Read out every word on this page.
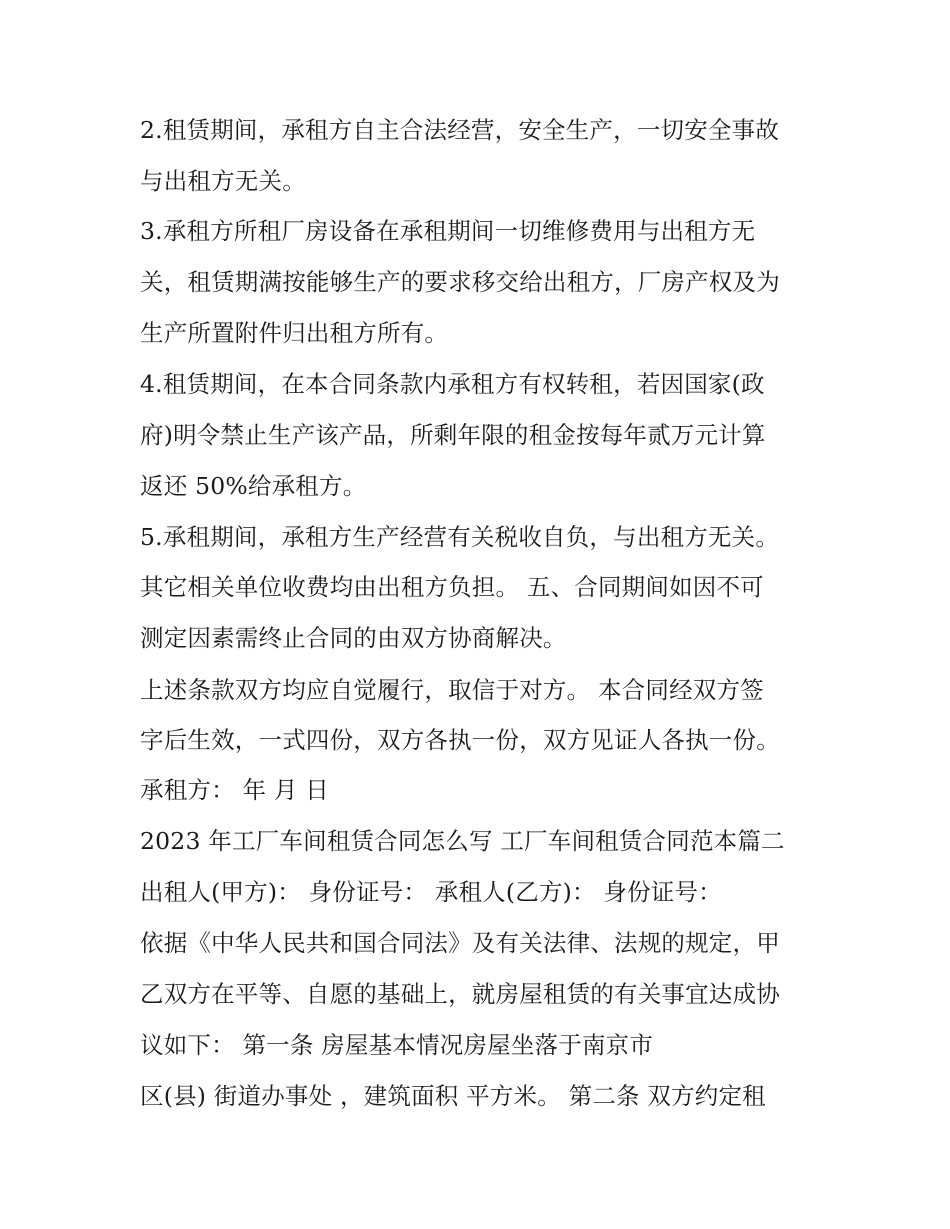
2.租赁期间，承租方自主合法经营，安全生产，一切安全事故
与出租方无关。
3.承租方所租厂房设备在承租期间一切维修费用与出租方无
关，租赁期满按能够生产的要求移交给出租方，厂房产权及为
生产所置附件归出租方所有。
4.租赁期间，在本合同条款内承租方有权转租，若因国家(政
府)明令禁止生产该产品，所剩年限的租金按每年贰万元计算
返还 50%给承租方。
5.承租期间，承租方生产经营有关税收自负，与出租方无关。
其它相关单位收费均由出租方负担。 五、合同期间如因不可
测定因素需终止合同的由双方协商解决。
上述条款双方均应自觉履行，取信于对方。 本合同经双方签
字后生效，一式四份，双方各执一份，双方见证人各执一份。
承租方： 年 月 日
2023 年工厂车间租赁合同怎么写 工厂车间租赁合同范本篇二
出租人(甲方)： 身份证号： 承租人(乙方)： 身份证号：
依据《中华人民共和国合同法》及有关法律、法规的规定，甲
乙双方在平等、自愿的基础上，就房屋租赁的有关事宜达成协
议如下： 第一条 房屋基本情况房屋坐落于南京市
区(县) 街道办事处 ，建筑面积 平方米。 第二条 双方约定租
